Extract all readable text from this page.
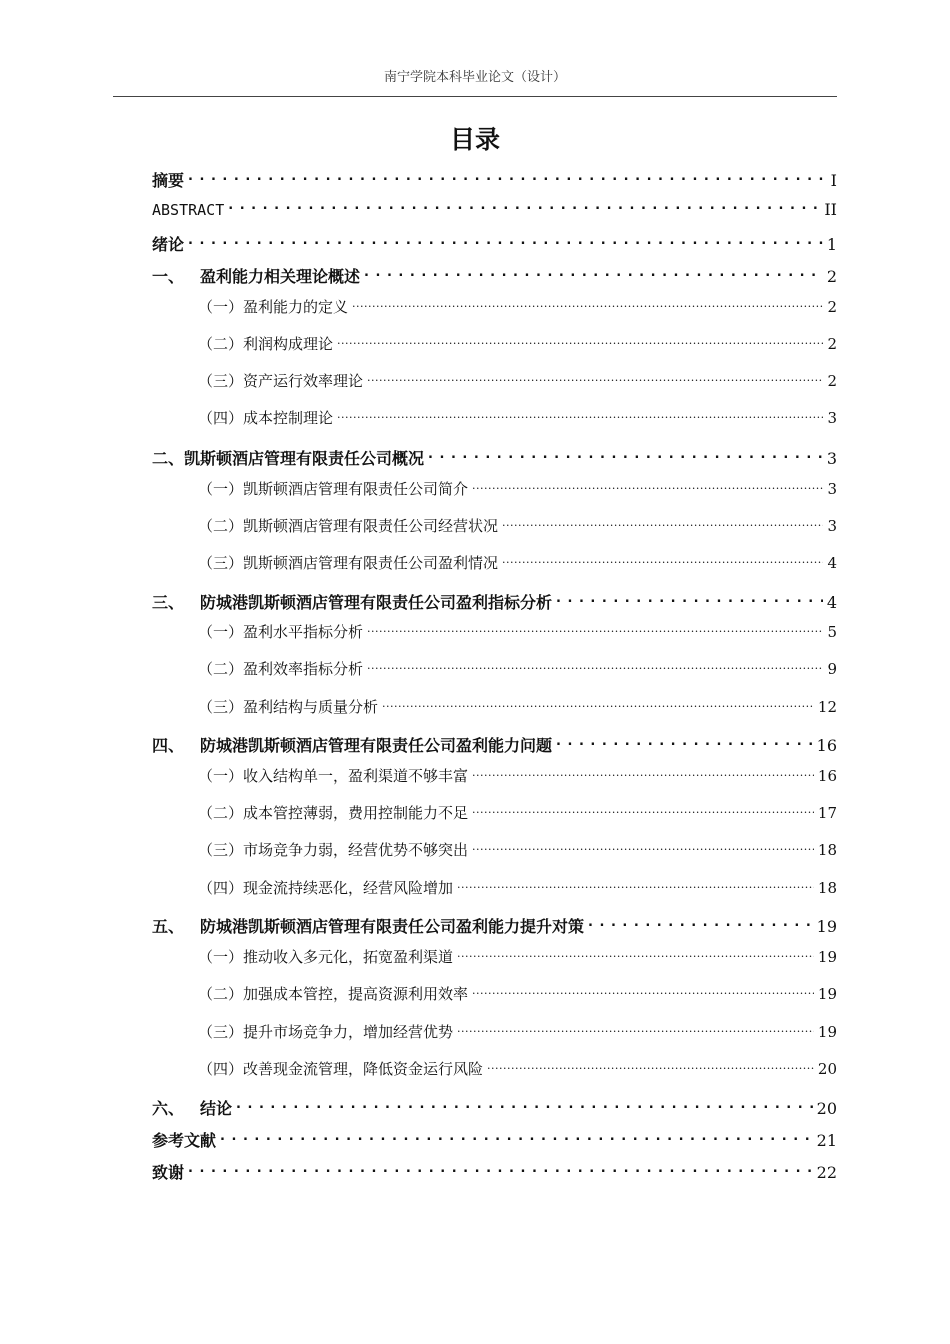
南宁学院本科毕业论文（设计）
目录
摘要 . . .	I
ABSTRACT . . .	II
绪论 . . .	1
一、 盈利能力相关理论概述 . . .	2
（一）盈利能力的定义 .....	2
（二）利润构成理论 .....	2
（三）资产运行效率理论 .....	2
（四）成本控制理论 .....	3
二、凯斯顿酒店管理有限责任公司概况 . . .	3
（一）凯斯顿酒店管理有限责任公司简介 .....	3
（二）凯斯顿酒店管理有限责任公司经营状况 .....	3
（三）凯斯顿酒店管理有限责任公司盈利情况 .....	4
三、 防城港凯斯顿酒店管理有限责任公司盈利指标分析 . . .	4
（一）盈利水平指标分析 .....	5
（二）盈利效率指标分析 .....	9
（三）盈利结构与质量分析 .....	12
四、 防城港凯斯顿酒店管理有限责任公司盈利能力问题 . . .	16
（一）收入结构单一，盈利渠道不够丰富 .....	16
（二）成本管控薄弱，费用控制能力不足 .....	17
（三）市场竞争力弱，经营优势不够突出 .....	18
（四）现金流持续恶化，经营风险增加 .....	18
五、 防城港凯斯顿酒店管理有限责任公司盈利能力提升对策 . . .	19
（一）推动收入多元化，拓宽盈利渠道 .....	19
（二）加强成本管控，提高资源利用效率 .....	19
（三）提升市场竞争力，增加经营优势 .....	19
（四）改善现金流管理，降低资金运行风险 .....	20
六、 结论 . . .	20
参考文献 . . .	21
致谢 . . .	22
